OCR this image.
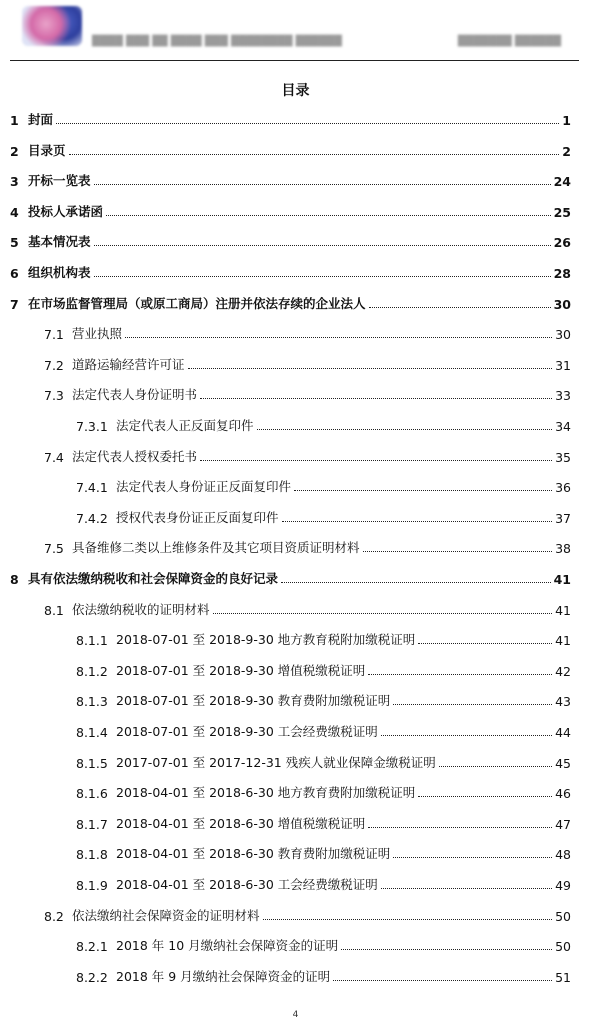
████ ███ ██ ████ ███ ████████ ██████	███████ ██████
目录
1 封面	1
2 目录页	2
3 开标一览表	24
4 投标人承诺函	25
5 基本情况表	26
6 组织机构表	28
7 在市场监督管理局（或原工商局）注册并依法存续的企业法人	30
7.1 营业执照	30
7.2 道路运输经营许可证	31
7.3 法定代表人身份证明书	33
7.3.1 法定代表人正反面复印件	34
7.4 法定代表人授权委托书	35
7.4.1 法定代表人身份证正反面复印件	36
7.4.2 授权代表身份证正反面复印件	37
7.5 具备维修二类以上维修条件及其它项目资质证明材料	38
8 具有依法缴纳税收和社会保障资金的良好记录	41
8.1 依法缴纳税收的证明材料	41
8.1.1 2018-07-01 至 2018-9-30 地方教育税附加缴税证明	41
8.1.2 2018-07-01 至 2018-9-30 增值税缴税证明	42
8.1.3 2018-07-01 至 2018-9-30 教育费附加缴税证明	43
8.1.4 2018-07-01 至 2018-9-30 工会经费缴税证明	44
8.1.5 2017-07-01 至 2017-12-31 残疾人就业保障金缴税证明	45
8.1.6 2018-04-01 至 2018-6-30 地方教育费附加缴税证明	46
8.1.7 2018-04-01 至 2018-6-30 增值税缴税证明	47
8.1.8 2018-04-01 至 2018-6-30 教育费附加缴税证明	48
8.1.9 2018-04-01 至 2018-6-30 工会经费缴税证明	49
8.2 依法缴纳社会保障资金的证明材料	50
8.2.1 2018 年 10 月缴纳社会保障资金的证明	50
8.2.2 2018 年 9 月缴纳社会保障资金的证明	51
4
